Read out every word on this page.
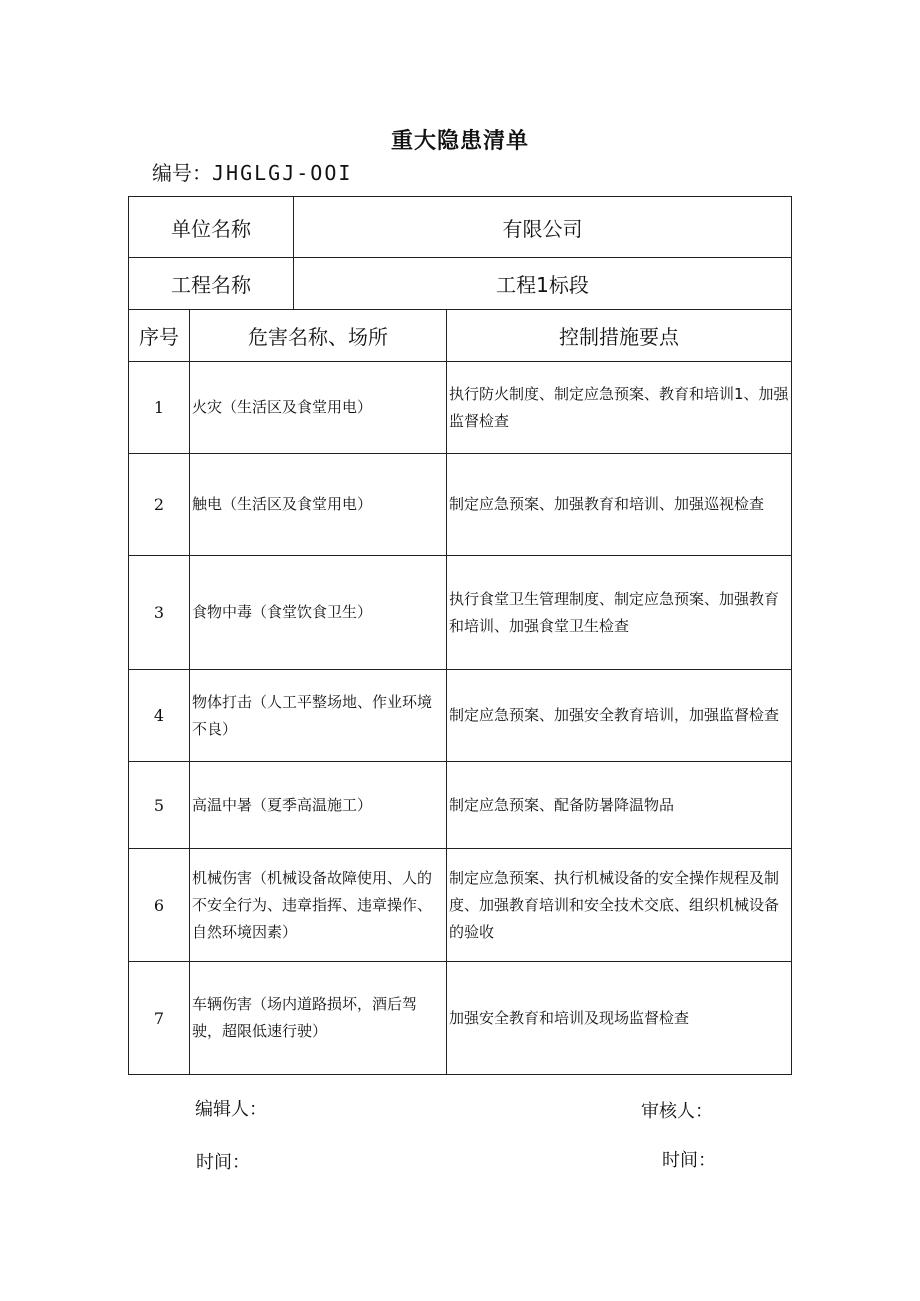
重大隐患清单
编号：JHGLGJ-OOI
单位名称		有限公司	
工程名称		工程1标段	
序号	危害名称、场所		控制措施要点
1	火灾（生活区及食堂用电）		执行防火制度、制定应急预案、教育和培训1、加强监督检查
2	触电（生活区及食堂用电）		制定应急预案、加强教育和培训、加强巡视检查
3	食物中毒（食堂饮食卫生）		执行食堂卫生管理制度、制定应急预案、加强教育和培训、加强食堂卫生检查
4	物体打击（人工平整场地、作业环境不良）		制定应急预案、加强安全教育培训，加强监督检查
5	高温中暑（夏季高温施工）		制定应急预案、配备防暑降温物品
6	机械伤害（机械设备故障使用、人的不安全行为、违章指挥、违章操作、自然环境因素）		制定应急预案、执行机械设备的安全操作规程及制度、加强教育培训和安全技术交底、组织机械设备的验收
7	车辆伤害（场内道路损坏，酒后驾驶，超限低速行驶）		加强安全教育和培训及现场监督检查
编辑人：	审核人：
时间：	时间：
